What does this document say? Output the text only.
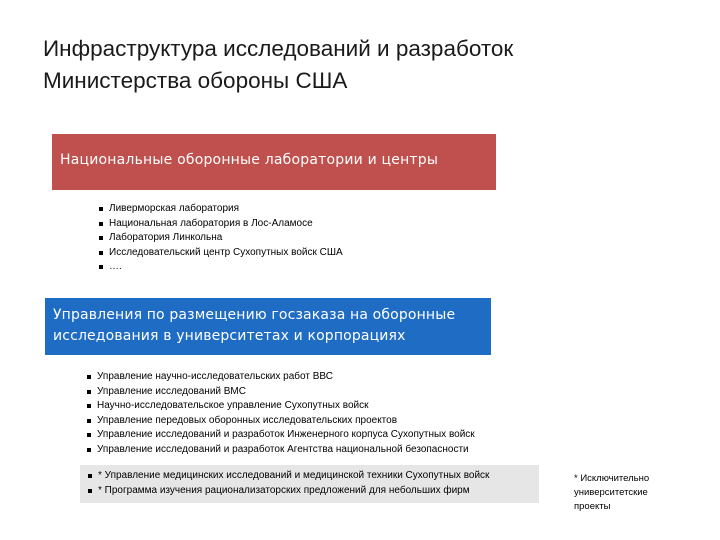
Инфраструктура исследований и разработок
Министерства обороны США
Национальные оборонные лаборатории и центры
Ливерморская лаборатория
Национальная лаборатория в Лос-Аламосе
Лаборатория Линкольна
Исследовательский центр Сухопутных войск США
….
Управления по размещению госзаказа на оборонные
исследования в университетах и корпорациях
Управление научно-исследовательских работ ВВС
Управление исследований ВМС
Научно-исследовательское управление Сухопутных войск
Управление передовых оборонных исследовательских проектов
Управление исследований и разработок Инженерного корпуса Сухопутных войск
Управление исследований и разработок Агентства национальной безопасности
* Управление медицинских исследований и медицинской техники Сухопутных войск
* Программа изучения рационализаторских предложений для небольших фирм
* Исключительно
университетские
проекты
